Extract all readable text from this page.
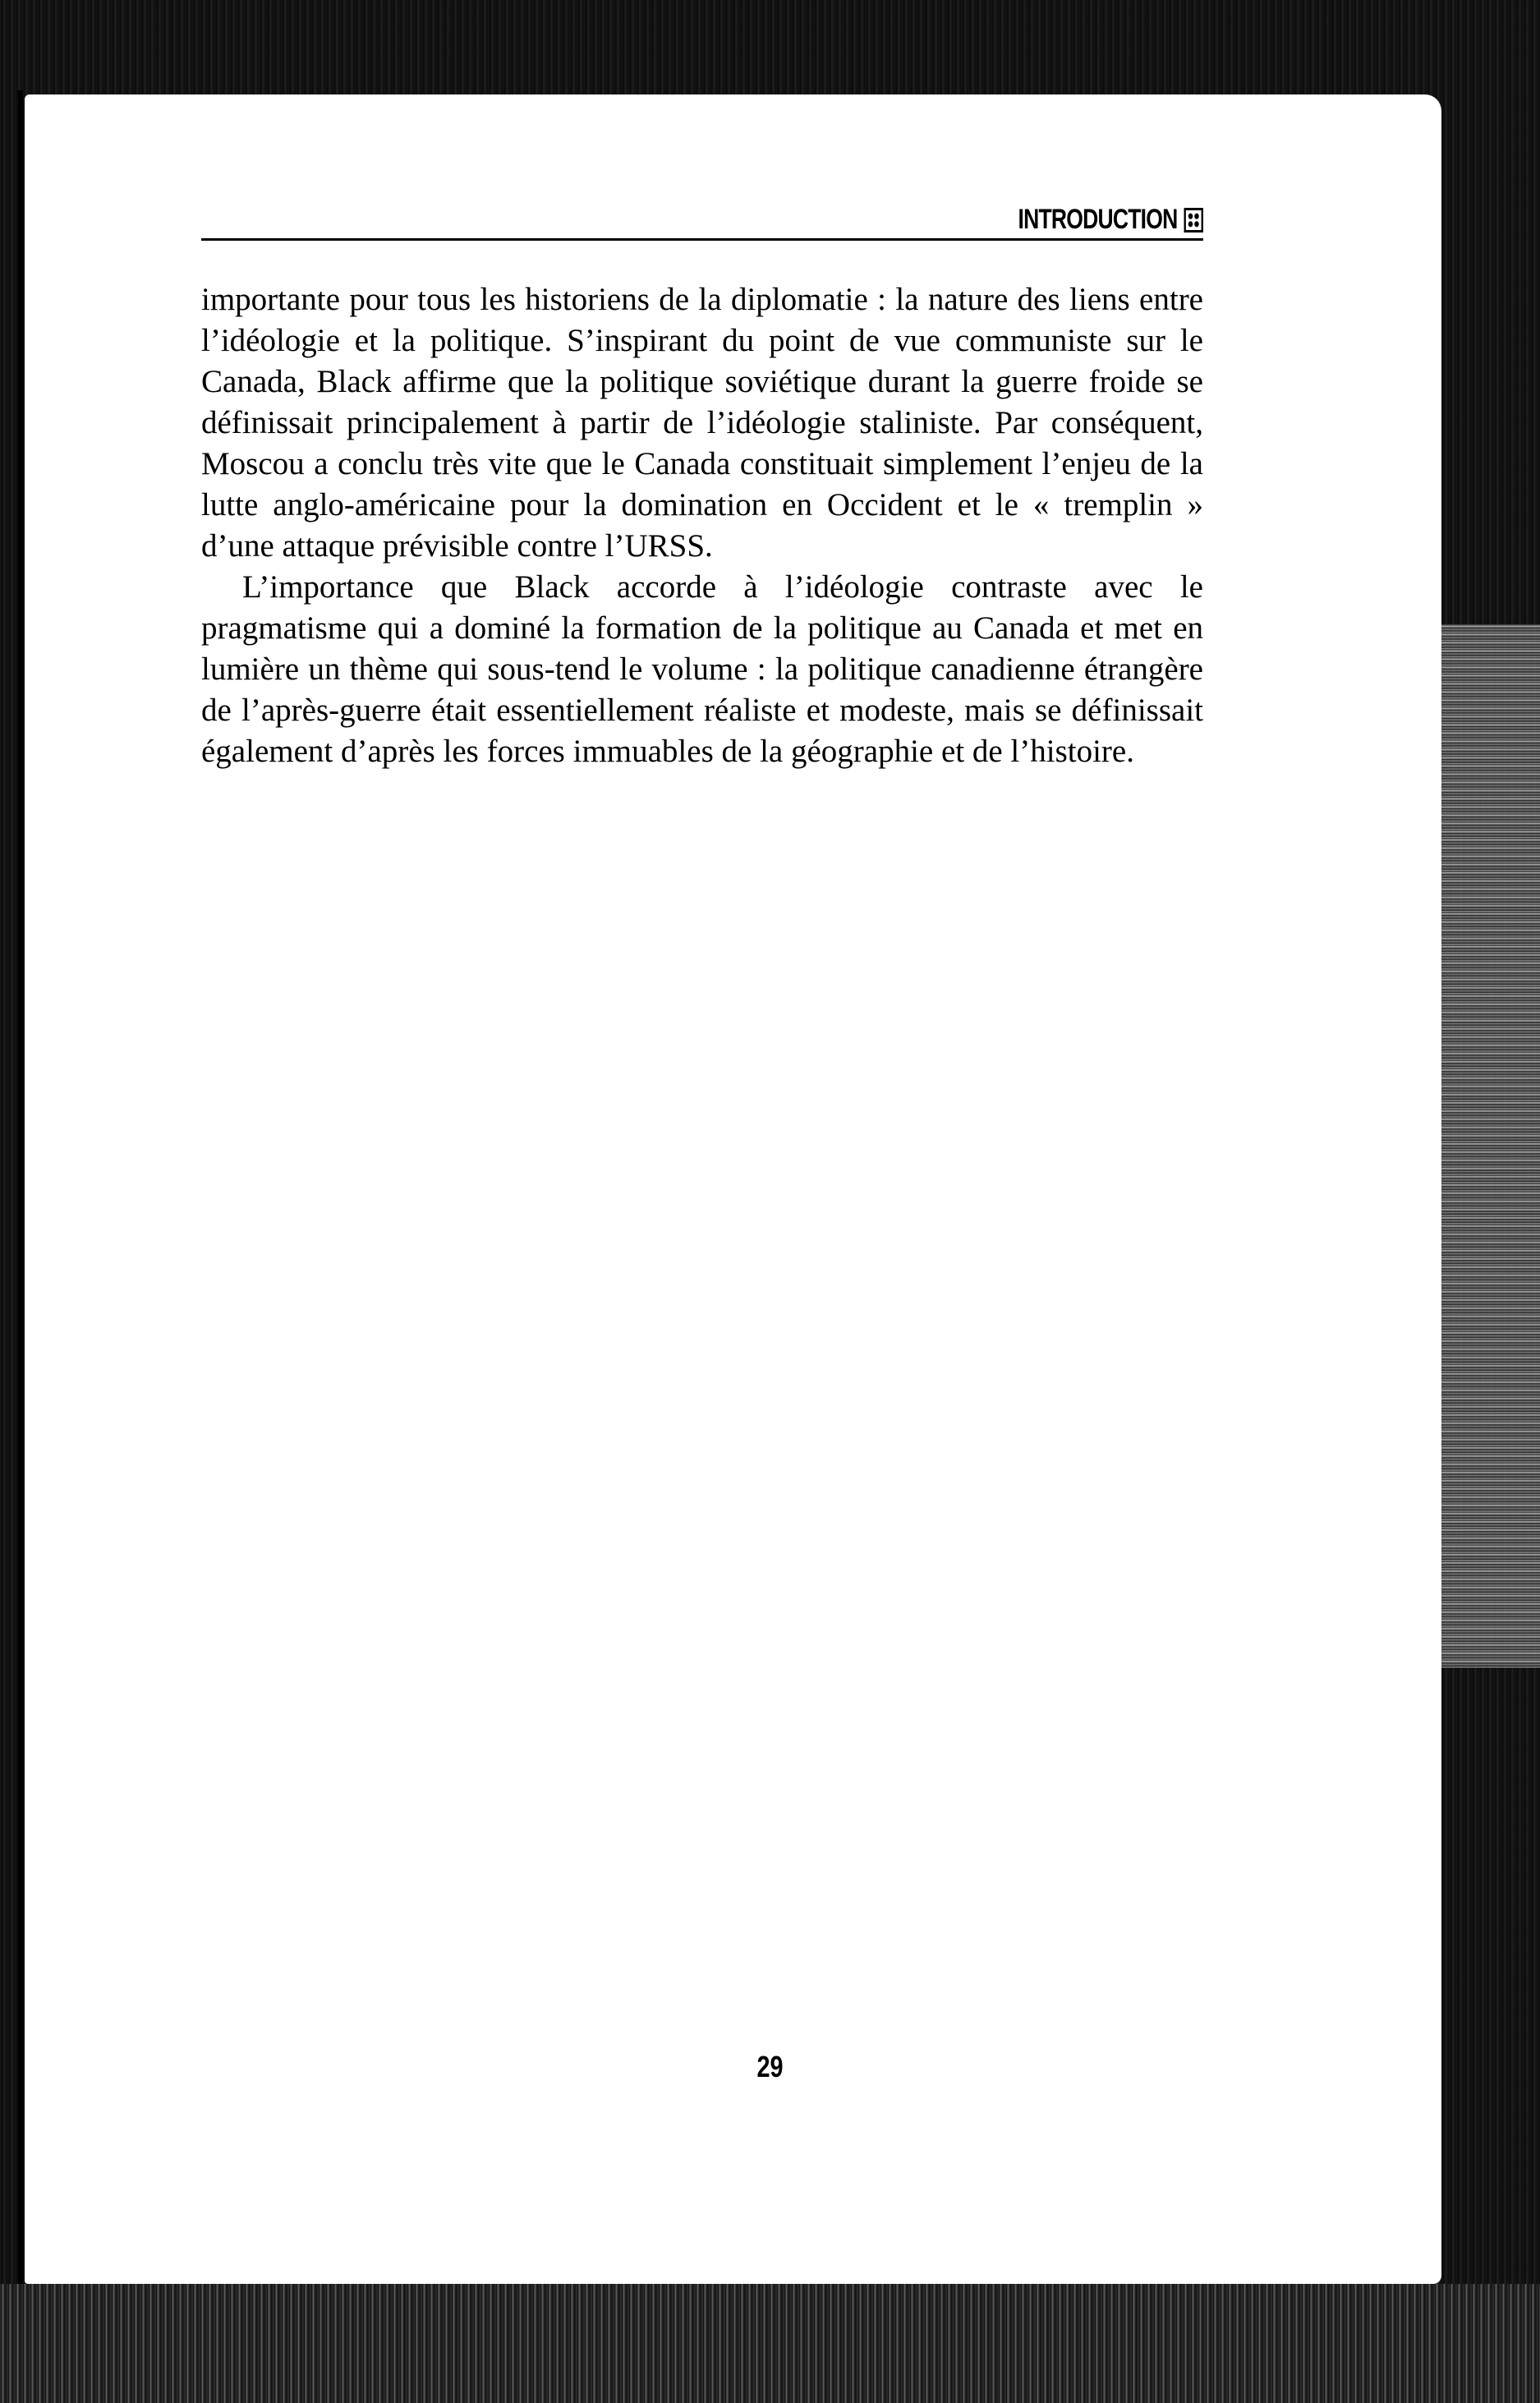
INTRODUCTION

importante pour tous les historiens de la diplomatie : la nature des liens entre l’idéologie et la politique. S’inspirant du point de vue communiste sur le Canada, Black affirme que la politique soviétique durant la guerre froide se définissait principalement à partir de l’idéologie staliniste. Par conséquent, Moscou a conclu très vite que le Canada constituait simplement l’enjeu de la lutte anglo-américaine pour la domination en Occident et le « tremplin » d’une attaque prévisible contre l’URSS.

L’importance que Black accorde à l’idéologie contraste avec le pragmatisme qui a dominé la formation de la politique au Canada et met en lumière un thème qui sous-tend le volume : la politique canadienne étrangère de l’après-guerre était essentiellement réaliste et modeste, mais se définissait également d’après les forces immuables de la géographie et de l’histoire.

29
